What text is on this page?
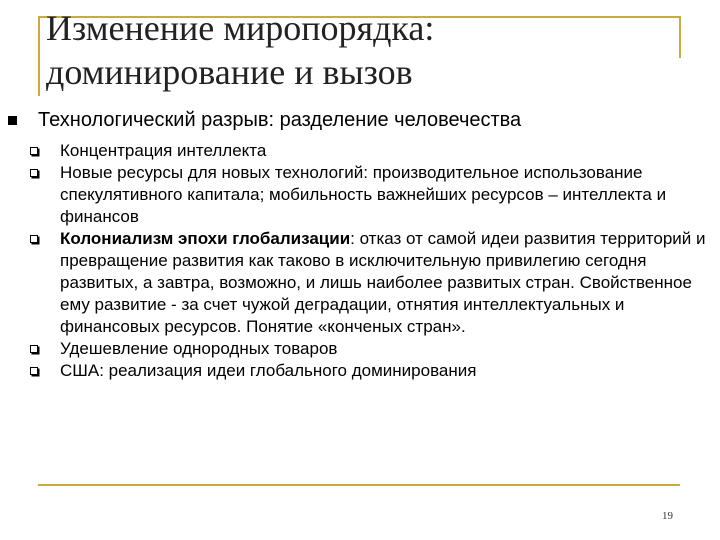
Изменение миропорядка:
доминирование и вызов
Технологический разрыв: разделение человечества
Концентрация интеллекта
Новые ресурсы для новых технологий: производительное использование спекулятивного капитала; мобильность важнейших ресурсов – интеллекта и финансов
Колониализм эпохи глобализации: отказ от самой идеи развития территорий и превращение развития как таково в исключительную привилегию сегодня развитых, а завтра, возможно, и лишь наиболее развитых стран. Свойственное ему развитие - за счет чужой деградации, отнятия интеллектуальных и финансовых ресурсов. Понятие «конченых стран».
Удешевление однородных товаров
США: реализация идеи глобального доминирования
19
